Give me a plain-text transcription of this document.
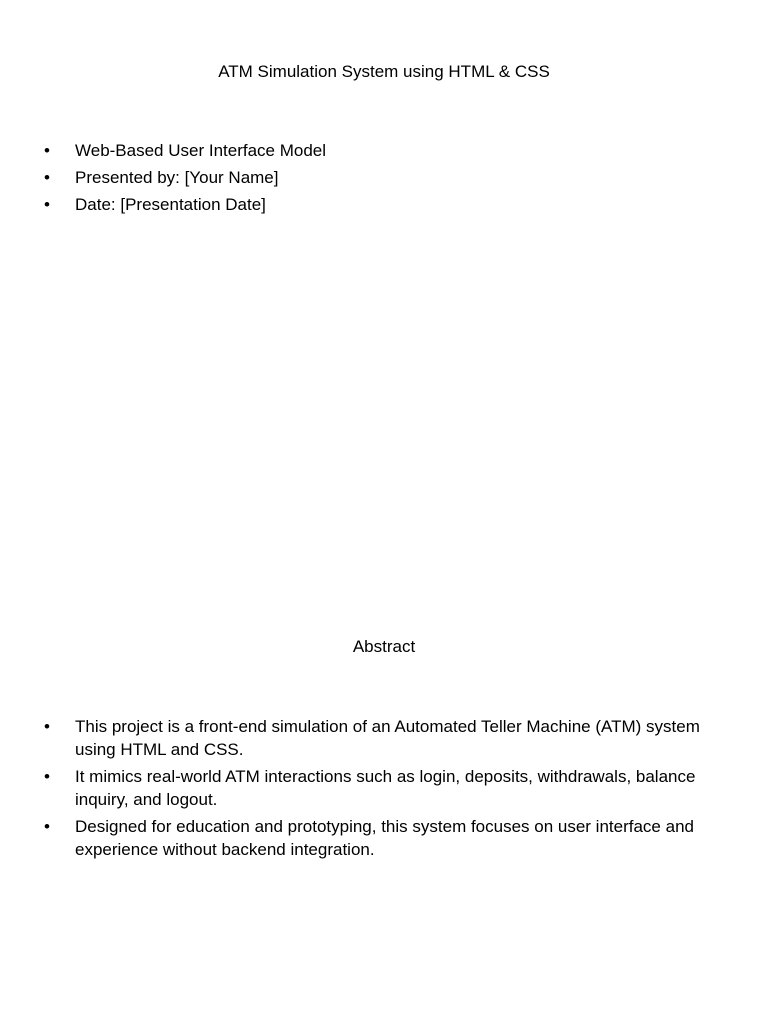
ATM Simulation System using HTML & CSS
•	Web-Based User Interface Model
•	Presented by: [Your Name]
•	Date: [Presentation Date]
Abstract
•	This project is a front-end simulation of an Automated Teller Machine (ATM) system using HTML and CSS.
•	It mimics real-world ATM interactions such as login, deposits, withdrawals, balance inquiry, and logout.
•	Designed for education and prototyping, this system focuses on user interface and experience without backend integration.
